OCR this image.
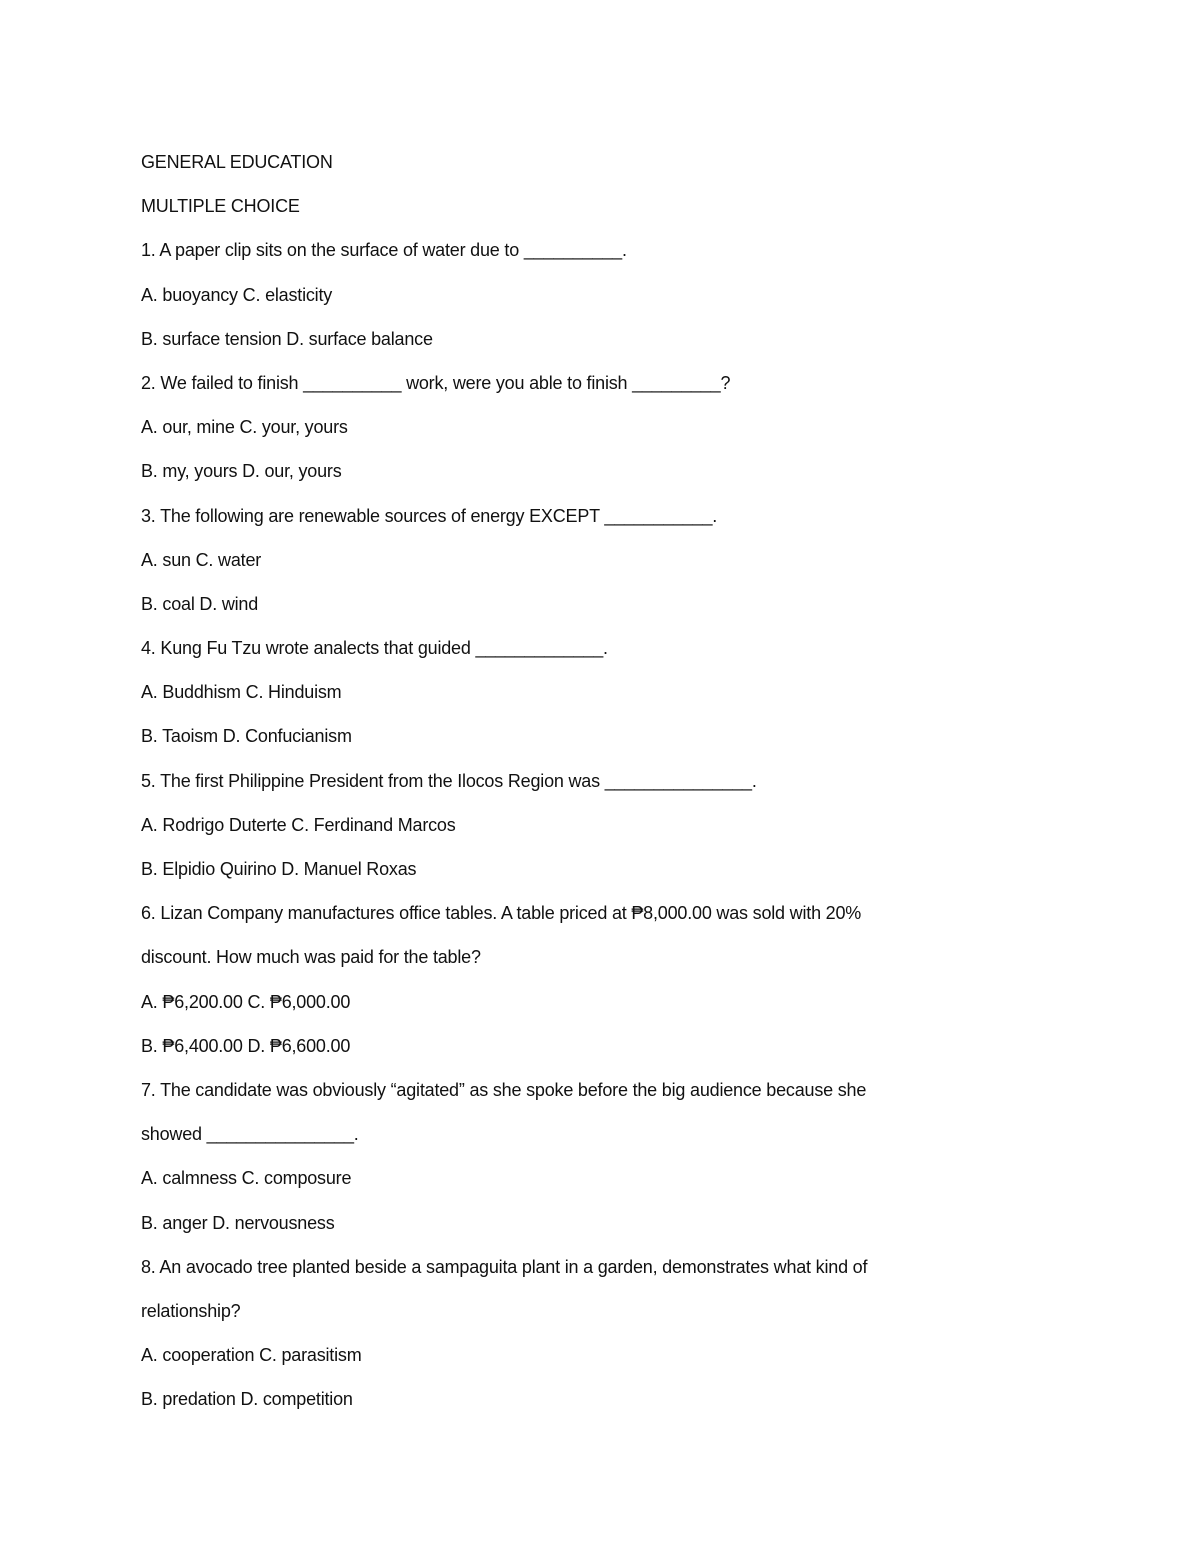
GENERAL EDUCATION
MULTIPLE CHOICE
1. A paper clip sits on the surface of water due to __________.
A. buoyancy C. elasticity
B. surface tension D. surface balance
2. We failed to finish __________ work, were you able to finish _________?
A. our, mine C. your, yours
B. my, yours D. our, yours
3. The following are renewable sources of energy EXCEPT ___________.
A. sun C. water
B. coal D. wind
4. Kung Fu Tzu wrote analects that guided _____________.
A. Buddhism C. Hinduism
B. Taoism D. Confucianism
5. The first Philippine President from the Ilocos Region was _______________.
A. Rodrigo Duterte C. Ferdinand Marcos
B. Elpidio Quirino D. Manuel Roxas
6. Lizan Company manufactures office tables. A table priced at ₱8,000.00 was sold with 20%
discount. How much was paid for the table?
A. ₱6,200.00 C. ₱6,000.00
B. ₱6,400.00 D. ₱6,600.00
7. The candidate was obviously “agitated” as she spoke before the big audience because she
showed _______________.
A. calmness C. composure
B. anger D. nervousness
8. An avocado tree planted beside a sampaguita plant in a garden, demonstrates what kind of
relationship?
A. cooperation C. parasitism
B. predation D. competition
